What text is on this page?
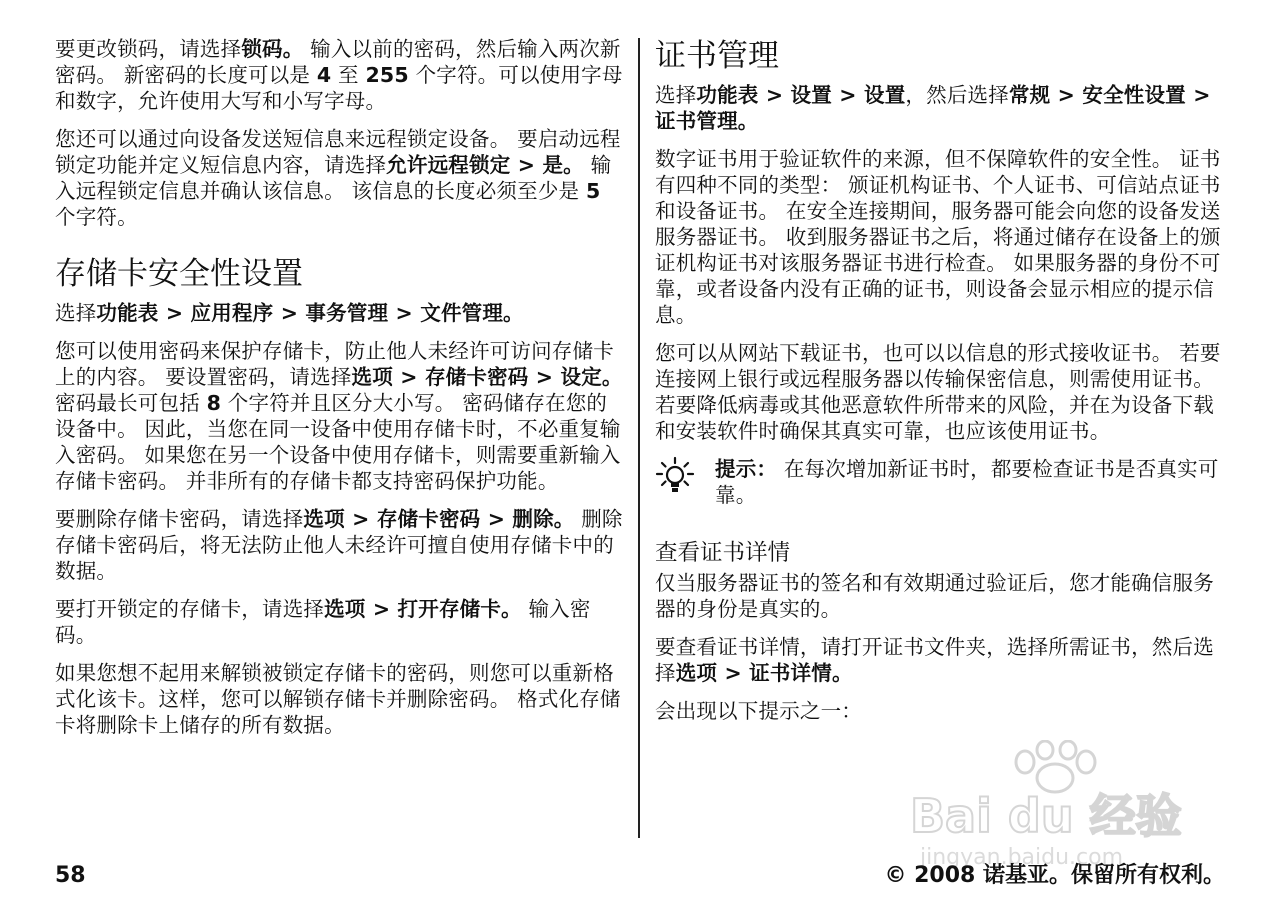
要更改锁码，请选择锁码。 输入以前的密码，然后输入两次新密码。 新密码的长度可以是 4 至 255 个字符。可以使用字母和数字，允许使用大写和小写字母。

您还可以通过向设备发送短信息来远程锁定设备。 要启动远程锁定功能并定义短信息内容，请选择允许远程锁定 > 是。 输入远程锁定信息并确认该信息。 该信息的长度必须至少是 5 个字符。

存储卡安全性设置

选择功能表 > 应用程序 > 事务管理 > 文件管理。

您可以使用密码来保护存储卡，防止他人未经许可访问存储卡上的内容。 要设置密码，请选择选项 > 存储卡密码 > 设定。 密码最长可包括 8 个字符并且区分大小写。 密码储存在您的设备中。 因此，当您在同一设备中使用存储卡时，不必重复输入密码。 如果您在另一个设备中使用存储卡，则需要重新输入存储卡密码。 并非所有的存储卡都支持密码保护功能。

要删除存储卡密码，请选择选项 > 存储卡密码 > 删除。 删除存储卡密码后，将无法防止他人未经许可擅自使用存储卡中的数据。

要打开锁定的存储卡，请选择选项 > 打开存储卡。 输入密码。

如果您想不起用来解锁被锁定存储卡的密码，则您可以重新格式化该卡。这样，您可以解锁存储卡并删除密码。 格式化存储卡将删除卡上储存的所有数据。

证书管理

选择功能表 > 设置 > 设置，然后选择常规 > 安全性设置 > 证书管理。

数字证书用于验证软件的来源，但不保障软件的安全性。 证书有四种不同的类型： 颁证机构证书、个人证书、可信站点证书和设备证书。 在安全连接期间，服务器可能会向您的设备发送服务器证书。 收到服务器证书之后，将通过储存在设备上的颁证机构证书对该服务器证书进行检查。 如果服务器的身份不可靠，或者设备内没有正确的证书，则设备会显示相应的提示信息。

您可以从网站下载证书，也可以以信息的形式接收证书。 若要连接网上银行或远程服务器以传输保密信息，则需使用证书。 若要降低病毒或其他恶意软件所带来的风险，并在为设备下载和安装软件时确保其真实可靠，也应该使用证书。

提示： 在每次增加新证书时，都要检查证书是否真实可靠。

查看证书详情

仅当服务器证书的签名和有效期通过验证后，您才能确信服务器的身份是真实的。

要查看证书详情，请打开证书文件夹，选择所需证书，然后选择选项 > 证书详情。

会出现以下提示之一：

Bai du 经验
jingyan.baidu.com
58	© 2008 诺基亚。保留所有权利。
